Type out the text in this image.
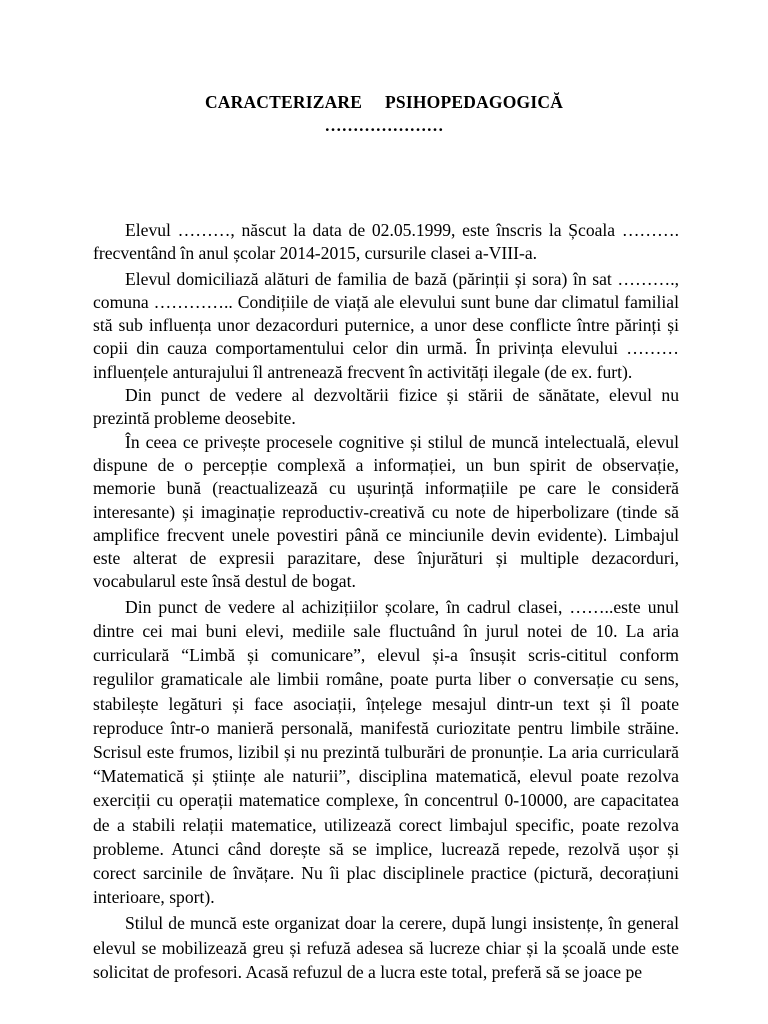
CARACTERIZARE     PSIHOPEDAGOGICĂ
…………………

Elevul ………, născut la data de 02.05.1999, este înscris la Școala ………. frecventând în anul școlar 2014-2015, cursurile clasei a-VIII-a.

Elevul domiciliază alături de familia de bază (părinții și sora) în sat ………., comuna ………….. Condițiile de viață ale elevului sunt bune dar climatul familial stă sub influența unor dezacorduri puternice, a unor dese conflicte între părinți și copii din cauza comportamentului celor din urmă. În privința elevului ……… influențele anturajului îl antrenează frecvent în activități ilegale (de ex. furt).

Din punct de vedere al dezvoltării fizice și stării de sănătate, elevul nu prezintă probleme deosebite.

În ceea ce privește procesele cognitive și stilul de muncă intelectuală, elevul dispune de o percepție complexă a informației, un bun spirit de observație, memorie bună (reactualizează cu ușurință informațiile pe care le consideră interesante) și imaginație reproductiv-creativă cu note de hiperbolizare (tinde să amplifice frecvent unele povestiri până ce minciunile devin evidente). Limbajul este alterat de expresii parazitare, dese înjurături și multiple dezacorduri, vocabularul este însă destul de bogat.

Din punct de vedere al achizițiilor școlare, în cadrul clasei, ……..este unul dintre cei mai buni elevi, mediile sale fluctuând în jurul notei de 10. La aria curriculară “Limbă și comunicare”, elevul și-a însușit scris-cititul conform regulilor gramaticale ale limbii române, poate purta liber o conversație cu sens, stabilește legături și face asociații, înțelege mesajul dintr-un text și îl poate reproduce într-o manieră personală, manifestă curiozitate pentru limbile străine. Scrisul este frumos, lizibil și nu prezintă tulburări de pronunție. La aria curriculară “Matematică și științe ale naturii”, disciplina matematică, elevul poate rezolva exerciții cu operații matematice complexe, în concentrul 0-10000, are capacitatea de a stabili relații matematice, utilizează corect limbajul specific, poate rezolva probleme. Atunci când dorește să se implice, lucrează repede, rezolvă ușor și corect sarcinile de învățare. Nu îi plac disciplinele practice (pictură, decorațiuni interioare, sport).

Stilul de muncă este organizat doar la cerere, după lungi insistențe, în general elevul se mobilizează greu și refuză adesea să lucreze chiar și la școală unde este solicitat de profesori. Acasă refuzul de a lucra este total, preferă să se joace pe
